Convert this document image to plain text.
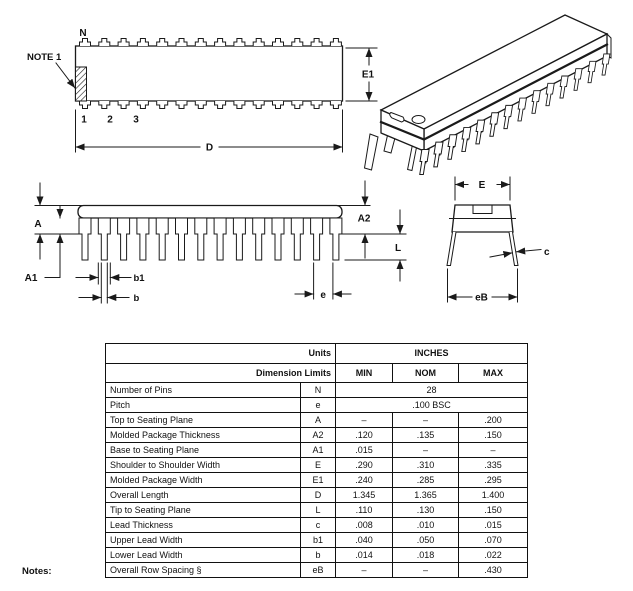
N
NOTE 1
1 2 3
D
E1
A
A1
A2
L
b1
b	e
E
c
eB
Units		INCHES		
Dimension Limits		MIN	NOM	MAX
Number of Pins	N	28		
Pitch	e	.100 BSC		
Top to Seating Plane	A	–	–	.200
Molded Package Thickness	A2	.120	.135	.150
Base to Seating Plane	A1	.015	–	–
Shoulder to Shoulder Width	E	.290	.310	.335
Molded Package Width	E1	.240	.285	.295
Overall Length	D	1.345	1.365	1.400
Tip to Seating Plane	L	.110	.130	.150
Lead Thickness	c	.008	.010	.015
Upper Lead Width	b1	.040	.050	.070
Lower Lead Width	b	.014	.018	.022
Overall Row Spacing §	eB	–	–	.430
Notes:
